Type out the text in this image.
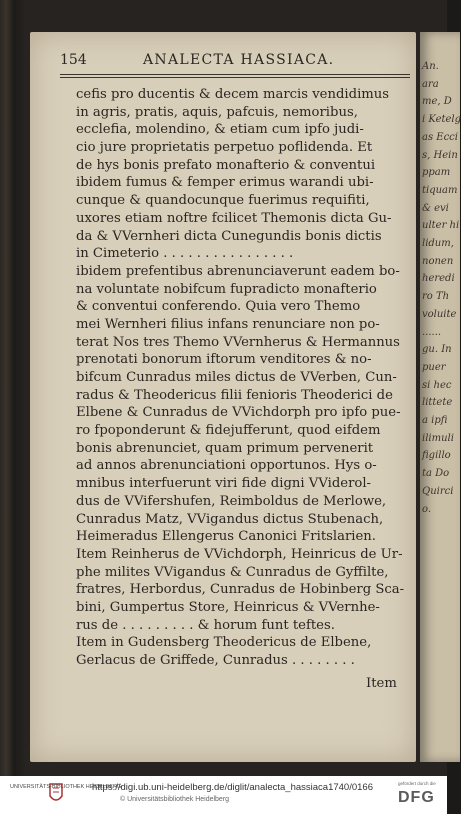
An.
ara
me, D
i Ketelg
as Ecci
s, Hein
ppam
tiquam
& evi
ulter hi
lidum,
nonen
heredi
ro Th
voluite
......
gu. In
puer
si hec
littete
a ipfi
ilimuli
figillo
ta Do
Quirci
o.
154	ANALECTA HASSIACA.
cefis pro ducentis & decem marcis vendidimus
in agris, pratis, aquis, pafcuis, nemoribus,
ecclefia, molendino, & etiam cum ipfo judi-
cio jure proprietatis perpetuo poflidenda. Et
de hys bonis prefato monafterio & conventui
ibidem fumus & femper erimus warandi ubi-
cunque & quandocunque fuerimus requifiti,
uxores etiam noftre fcilicet Themonis dicta Gu-
da & VVernheri dicta Cunegundis bonis dictis
in Cimeterio . . . . . . . . . . . . . . . .
ibidem prefentibus abrenunciaverunt eadem bo-
na voluntate nobifcum fupradicto monafterio
& conventui conferendo. Quia vero Themo
mei Wernheri filius infans renunciare non po-
terat Nos tres Themo VVernherus & Hermannus
prenotati bonorum iftorum venditores & no-
bifcum Cunradus miles dictus de VVerben, Cun-
radus & Theodericus filii fenioris Theoderici de
Elbene & Cunradus de VVichdorph pro ipfo pue-
ro fpoponderunt & fidejufferunt, quod eifdem
bonis abrenunciet, quam primum pervenerit
ad annos abrenunciationi opportunos. Hys o-
mnibus interfuerunt viri fide digni VViderol-
dus de VVifershufen, Reimboldus de Merlowe,
Cunradus Matz, VVigandus dictus Stubenach,
Heimeradus Ellengerus Canonici Fritslarien.
Item Reinherus de VVichdorph, Heinricus de Ur-
phe milites VVigandus & Cunradus de Gyffilte,
fratres, Herbordus, Cunradus de Hobinberg Sca-
bini, Gumpertus Store, Heinricus & VVernhe-
rus de . . . . . . . . . & horum funt teftes.
Item in Gudensberg Theodericus de Elbene,
Gerlacus de Griffede, Cunradus . . . . . . . .
Item
UNIVERSITÄTS-BIBLIOTHEK HEIDELBERG
https://digi.ub.uni-heidelberg.de/diglit/analecta_hassiaca1740/0166
© Universitätsbibliothek Heidelberg
gefördert durch die
DFG
